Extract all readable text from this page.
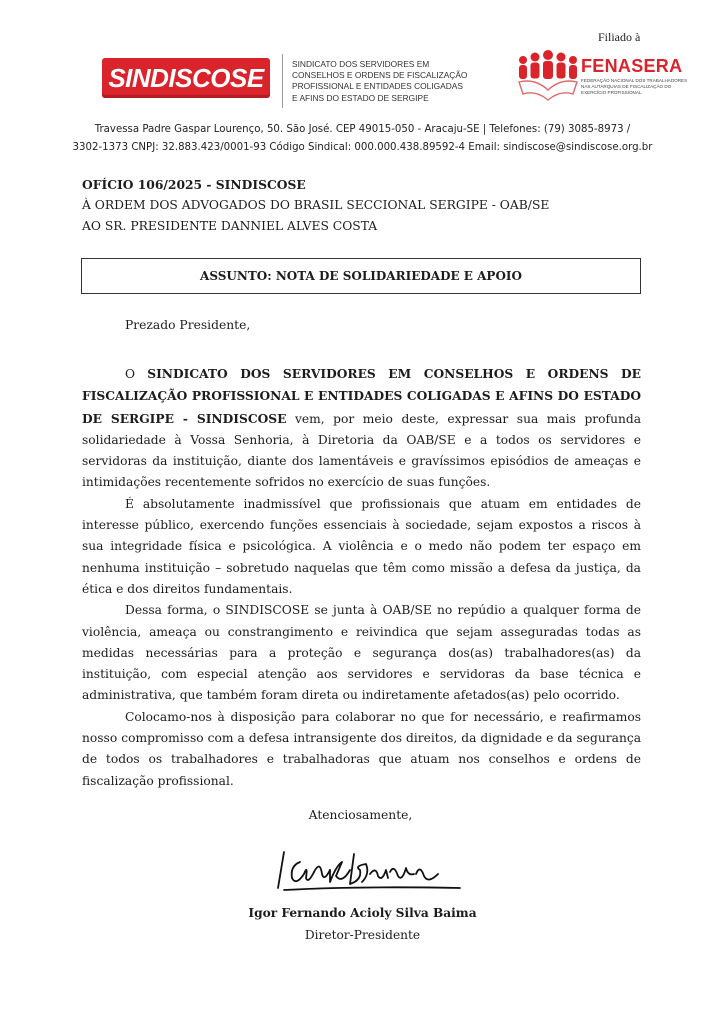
Filiado à
SINDISCOSE	SINDICATO DOS SERVIDORES EM
CONSELHOS E ORDENS DE FISCALIZAÇÃO
PROFISSIONAL E ENTIDADES COLIGADAS
E AFINS DO ESTADO DE SERGIPE
FENASERA
FEDERAÇÃO NACIONAL DOS TRABALHADORES NAS AUTARQUIAS DE FISCALIZAÇÃO DO EXERCÍCIO PROFISSIONAL
Travessa Padre Gaspar Lourenço, 50. São José. CEP 49015-050 - Aracaju-SE | Telefones: (79) 3085-8973 /
3302-1373 CNPJ: 32.883.423/0001-93 Código Sindical: 000.000.438.89592-4 Email: sindiscose@sindiscose.org.br
OFÍCIO 106/2025 - SINDISCOSE
À ORDEM DOS ADVOGADOS DO BRASIL SECCIONAL SERGIPE - OAB/SE
AO SR. PRESIDENTE DANNIEL ALVES COSTA
ASSUNTO: NOTA DE SOLIDARIEDADE E APOIO
Prezado Presidente,

O SINDICATO DOS SERVIDORES EM CONSELHOS E ORDENS DE FISCALIZAÇÃO PROFISSIONAL E ENTIDADES COLIGADAS E AFINS DO ESTADO DE SERGIPE - SINDISCOSE vem, por meio deste, expressar sua mais profunda solidariedade à Vossa Senhoria, à Diretoria da OAB/SE e a todos os servidores e servidoras da instituição, diante dos lamentáveis e gravíssimos episódios de ameaças e intimidações recentemente sofridos no exercício de suas funções.

É absolutamente inadmissível que profissionais que atuam em entidades de interesse público, exercendo funções essenciais à sociedade, sejam expostos a riscos à sua integridade física e psicológica. A violência e o medo não podem ter espaço em nenhuma instituição – sobretudo naquelas que têm como missão a defesa da justiça, da ética e dos direitos fundamentais.

Dessa forma, o SINDISCOSE se junta à OAB/SE no repúdio a qualquer forma de violência, ameaça ou constrangimento e reivindica que sejam asseguradas todas as medidas necessárias para a proteção e segurança dos(as) trabalhadores(as) da instituição, com especial atenção aos servidores e servidoras da base técnica e administrativa, que também foram direta ou indiretamente afetados(as) pelo ocorrido.

Colocamo-nos à disposição para colaborar no que for necessário, e reafirmamos nosso compromisso com a defesa intransigente dos direitos, da dignidade e da segurança de todos os trabalhadores e trabalhadoras que atuam nos conselhos e ordens de fiscalização profissional.

Atenciosamente,
Igor Fernando Acioly Silva Baima
Diretor-Presidente
